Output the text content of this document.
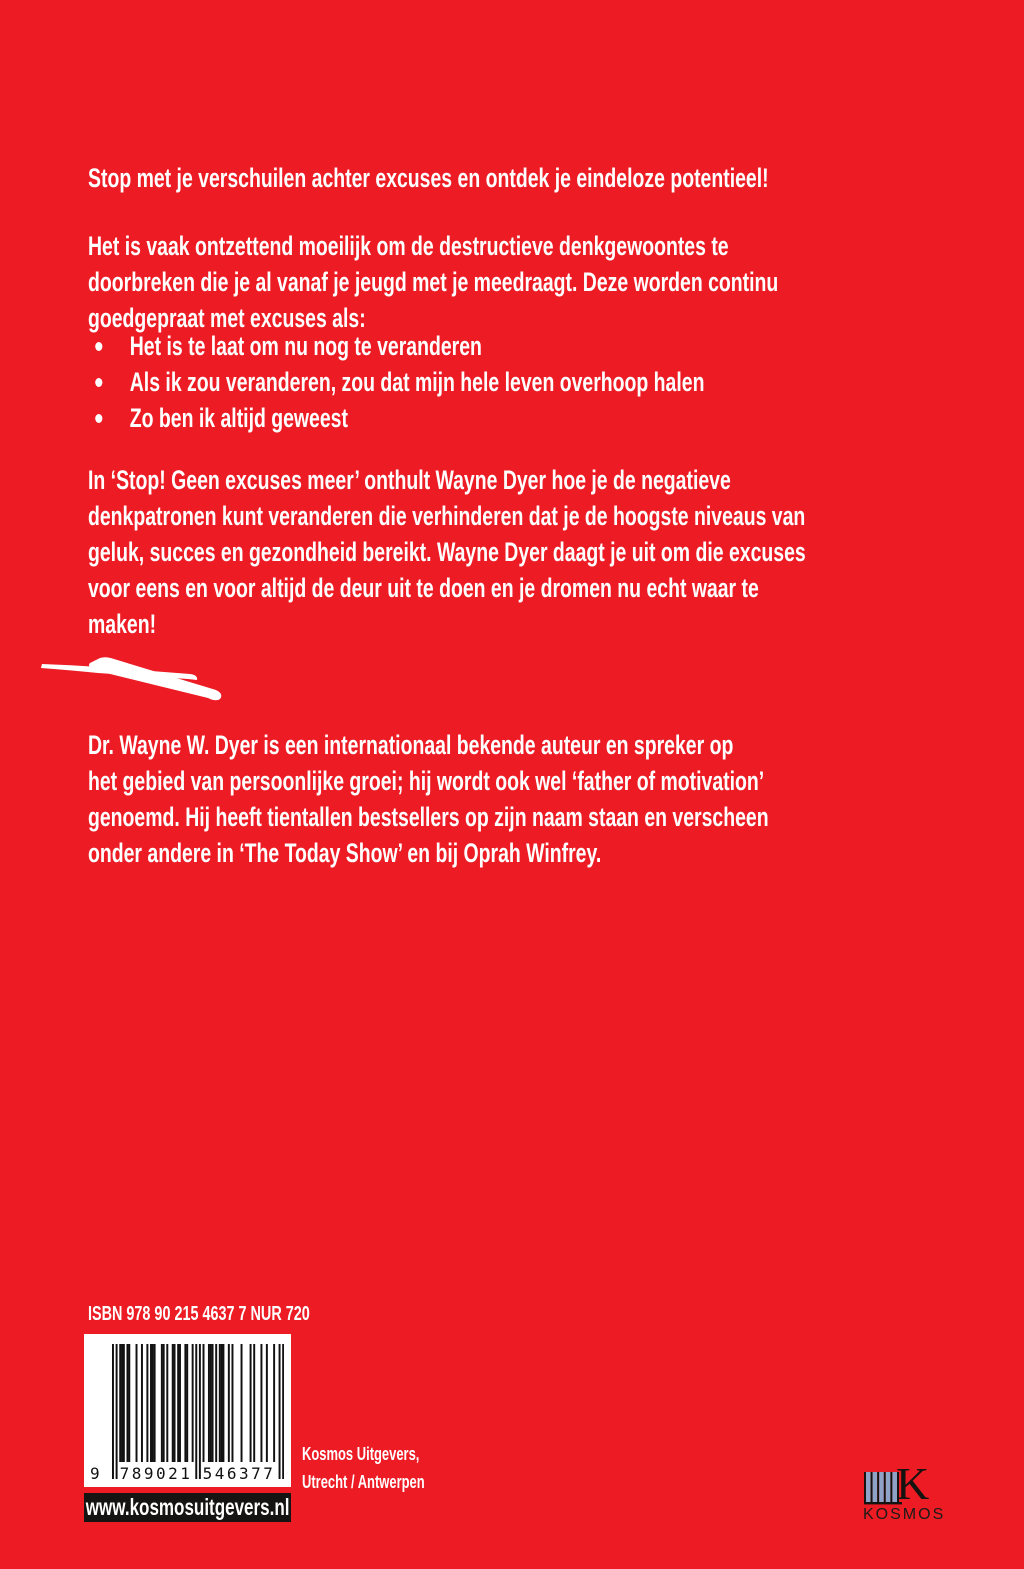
Stop met je verschuilen achter excuses en ontdek je eindeloze potentieel!
Het is vaak ontzettend moeilijk om de destructieve denkgewoontes te
doorbreken die je al vanaf je jeugd met je meedraagt. Deze worden continu
goedgepraat met excuses als:
Het is te laat om nu nog te veranderen
Als ik zou veranderen, zou dat mijn hele leven overhoop halen
Zo ben ik altijd geweest
In ‘Stop! Geen excuses meer’ onthult Wayne Dyer hoe je de negatieve
denkpatronen kunt veranderen die verhinderen dat je de hoogste niveaus van
geluk, succes en gezondheid bereikt. Wayne Dyer daagt je uit om die excuses
voor eens en voor altijd de deur uit te doen en je dromen nu echt waar te
maken!
Dr. Wayne W. Dyer is een internationaal bekende auteur en spreker op
het gebied van persoonlijke groei; hij wordt ook wel ‘father of motivation’
genoemd. Hij heeft tientallen bestsellers op zijn naam staan en verscheen
onder andere in ‘The Today Show’ en bij Oprah Winfrey.
ISBN 978 90 215 4637 7 NUR 720
9	789021 546377
www.kosmosuitgevers.nl
Kosmos Uitgevers,
Utrecht / Antwerpen	K
KOSMOS
